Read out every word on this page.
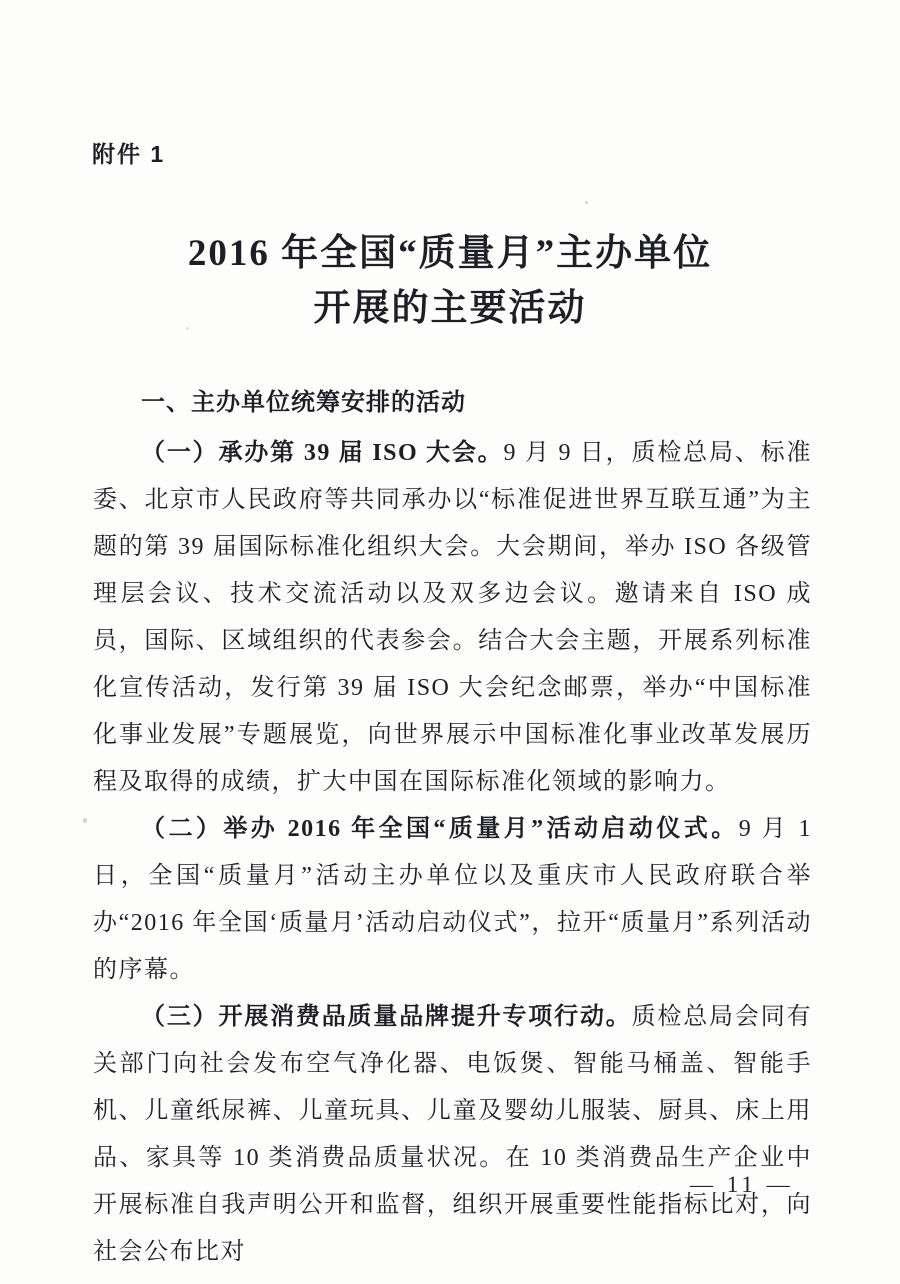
附件 1
2016 年全国“质量月”主办单位
开展的主要活动
一、主办单位统筹安排的活动

（一）承办第 39 届 ISO 大会。9 月 9 日，质检总局、标准委、北京市人民政府等共同承办以“标准促进世界互联互通”为主题的第 39 届国际标准化组织大会。大会期间，举办 ISO 各级管理层会议、技术交流活动以及双多边会议。邀请来自 ISO 成员，国际、区域组织的代表参会。结合大会主题，开展系列标准化宣传活动，发行第 39 届 ISO 大会纪念邮票，举办“中国标准化事业发展”专题展览，向世界展示中国标准化事业改革发展历程及取得的成绩，扩大中国在国际标准化领域的影响力。

（二）举办 2016 年全国“质量月”活动启动仪式。9 月 1 日，全国“质量月”活动主办单位以及重庆市人民政府联合举办“2016 年全国‘质量月’活动启动仪式”，拉开“质量月”系列活动的序幕。

（三）开展消费品质量品牌提升专项行动。质检总局会同有关部门向社会发布空气净化器、电饭煲、智能马桶盖、智能手机、儿童纸尿裤、儿童玩具、儿童及婴幼儿服装、厨具、床上用品、家具等 10 类消费品质量状况。在 10 类消费品生产企业中开展标准自我声明公开和监督，组织开展重要性能指标比对，向社会公布比对

— 11 —
